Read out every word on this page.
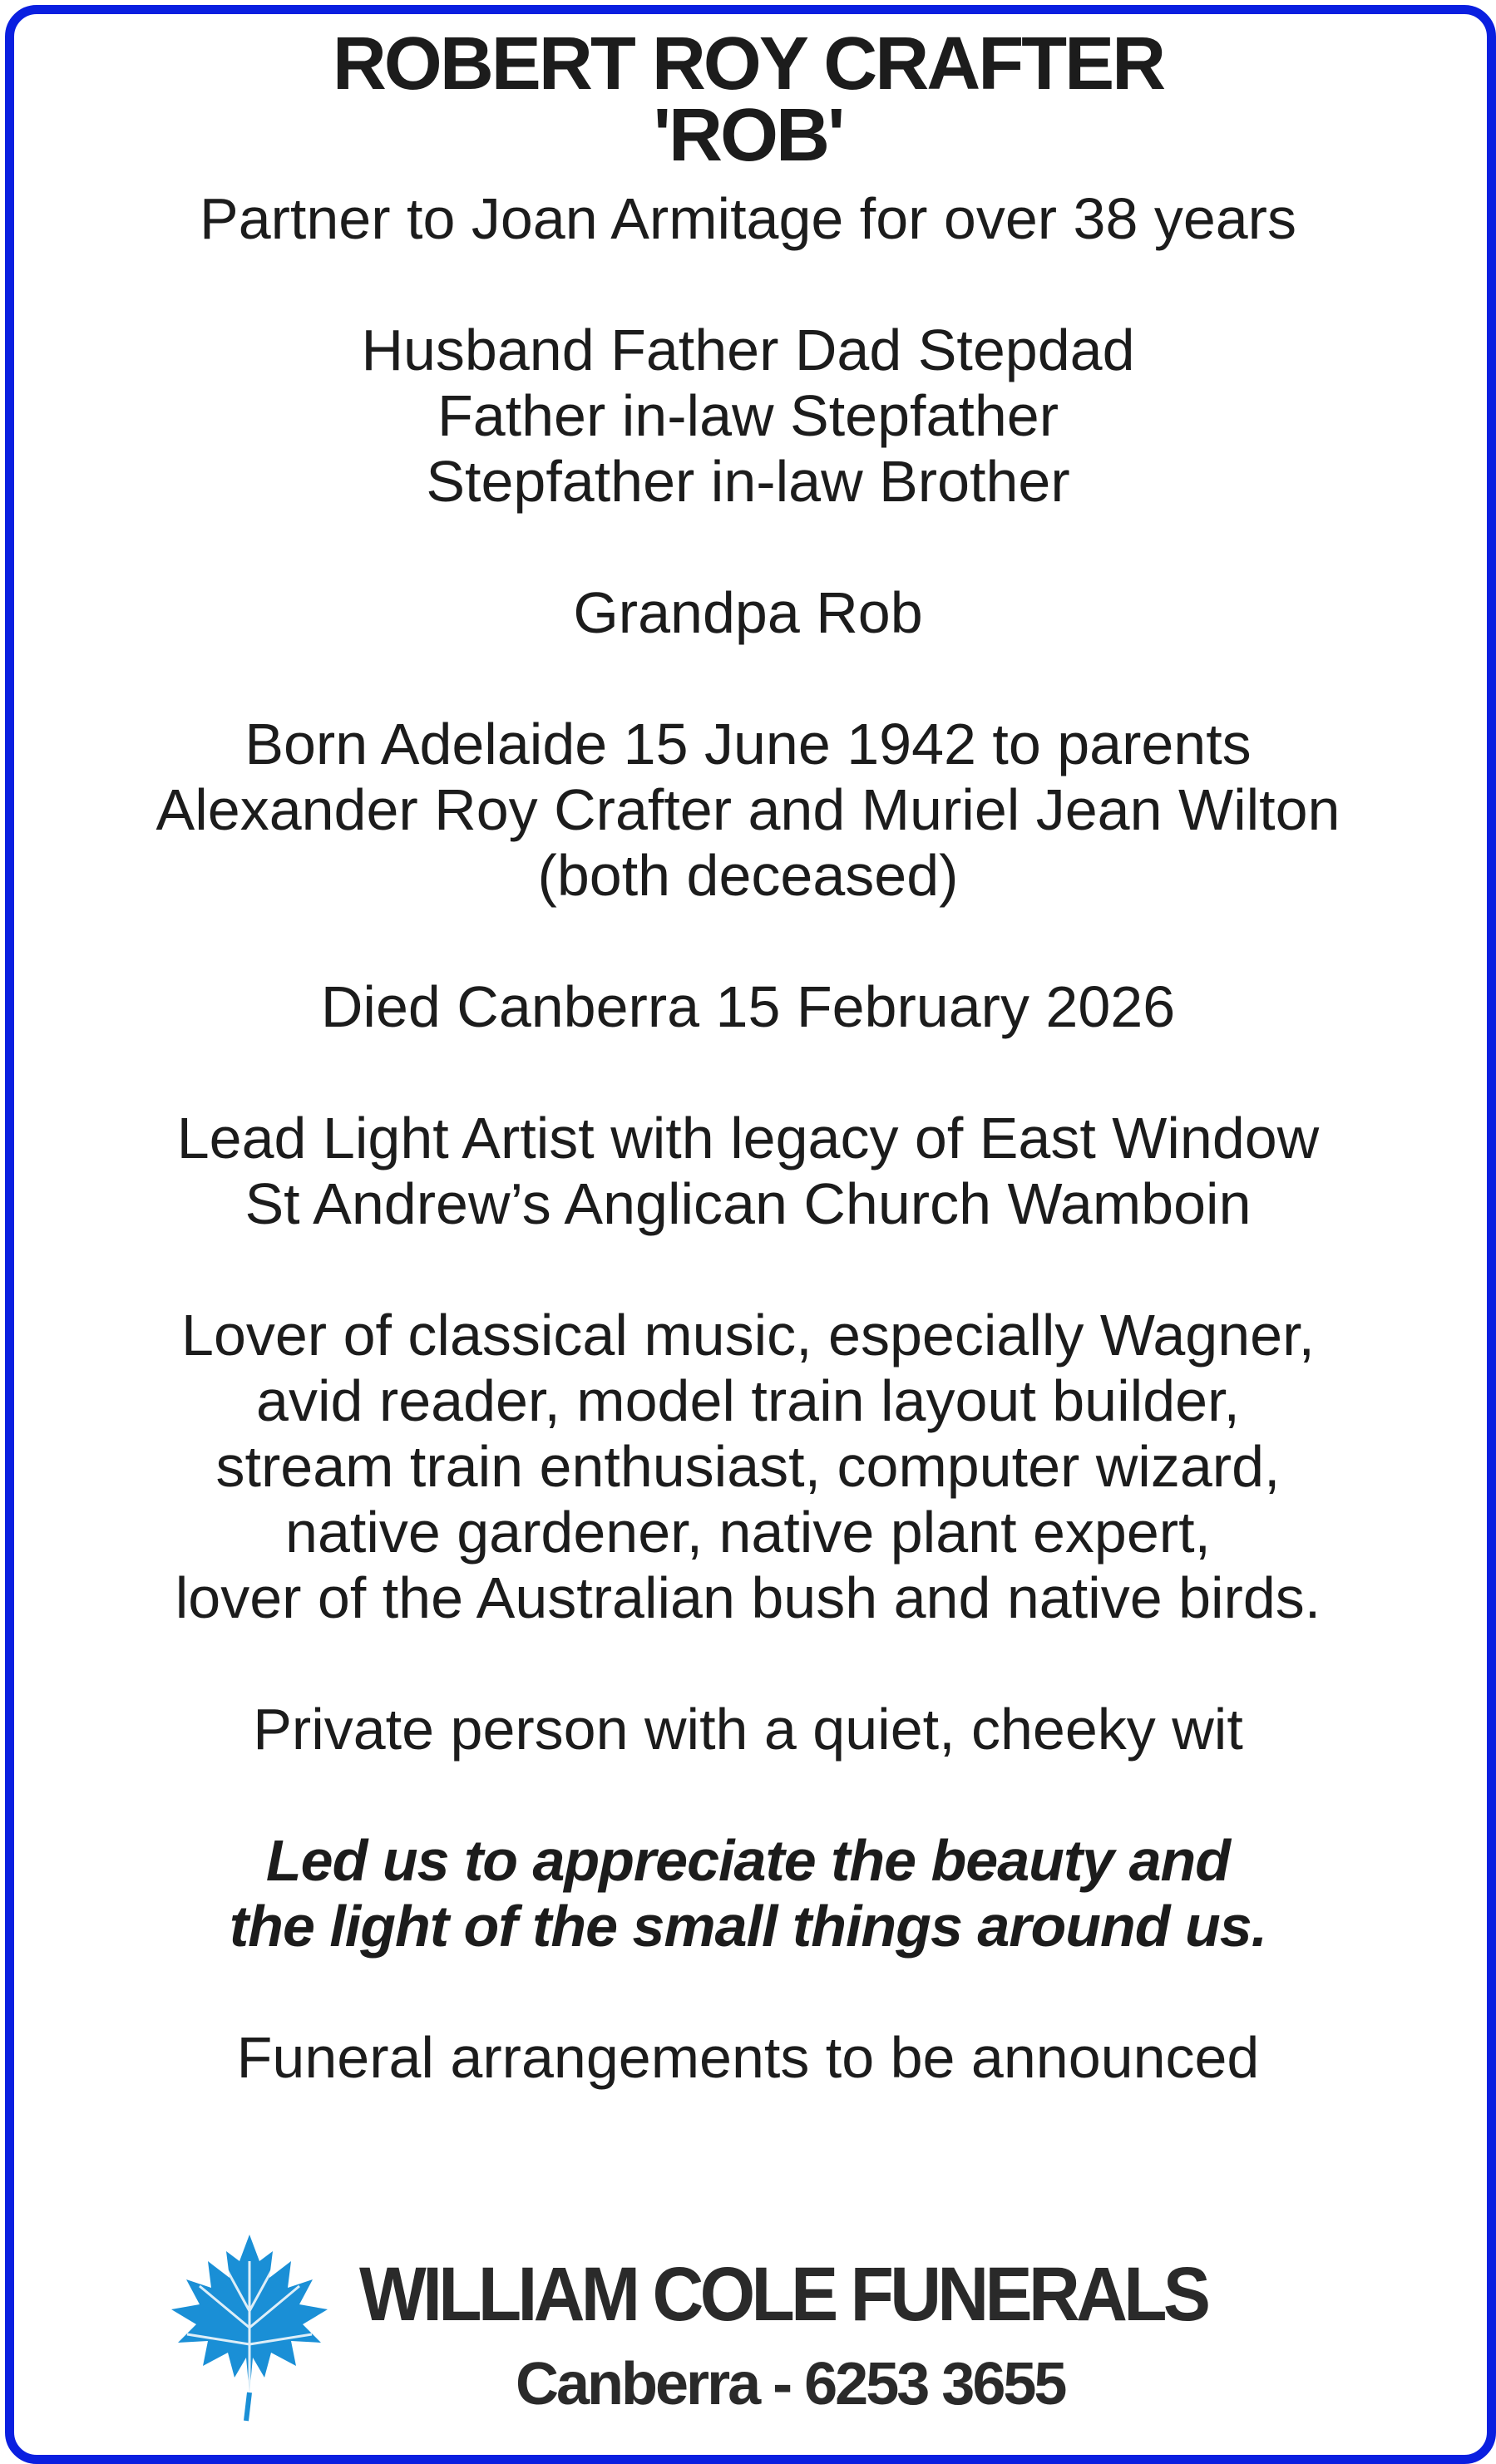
ROBERT ROY CRAFTER

'ROB'

Partner to Joan Armitage for over 38 years

Husband Father Dad Stepdad

Father in-law Stepfather

Stepfather in-law Brother

Grandpa Rob

Born Adelaide 15 June 1942 to parents

Alexander Roy Crafter and Muriel Jean Wilton

(both deceased)

Died Canberra 15 February 2026

Lead Light Artist with legacy of East Window

St Andrew’s Anglican Church Wamboin

Lover of classical music, especially Wagner,

avid reader, model train layout builder,

stream train enthusiast, computer wizard,

native gardener, native plant expert,

lover of the Australian bush and native birds.

Private person with a quiet, cheeky wit

Led us to appreciate the beauty and

the light of the small things around us.

Funeral arrangements to be announced

WILLIAM COLE FUNERALS
Canberra - 6253 3655
